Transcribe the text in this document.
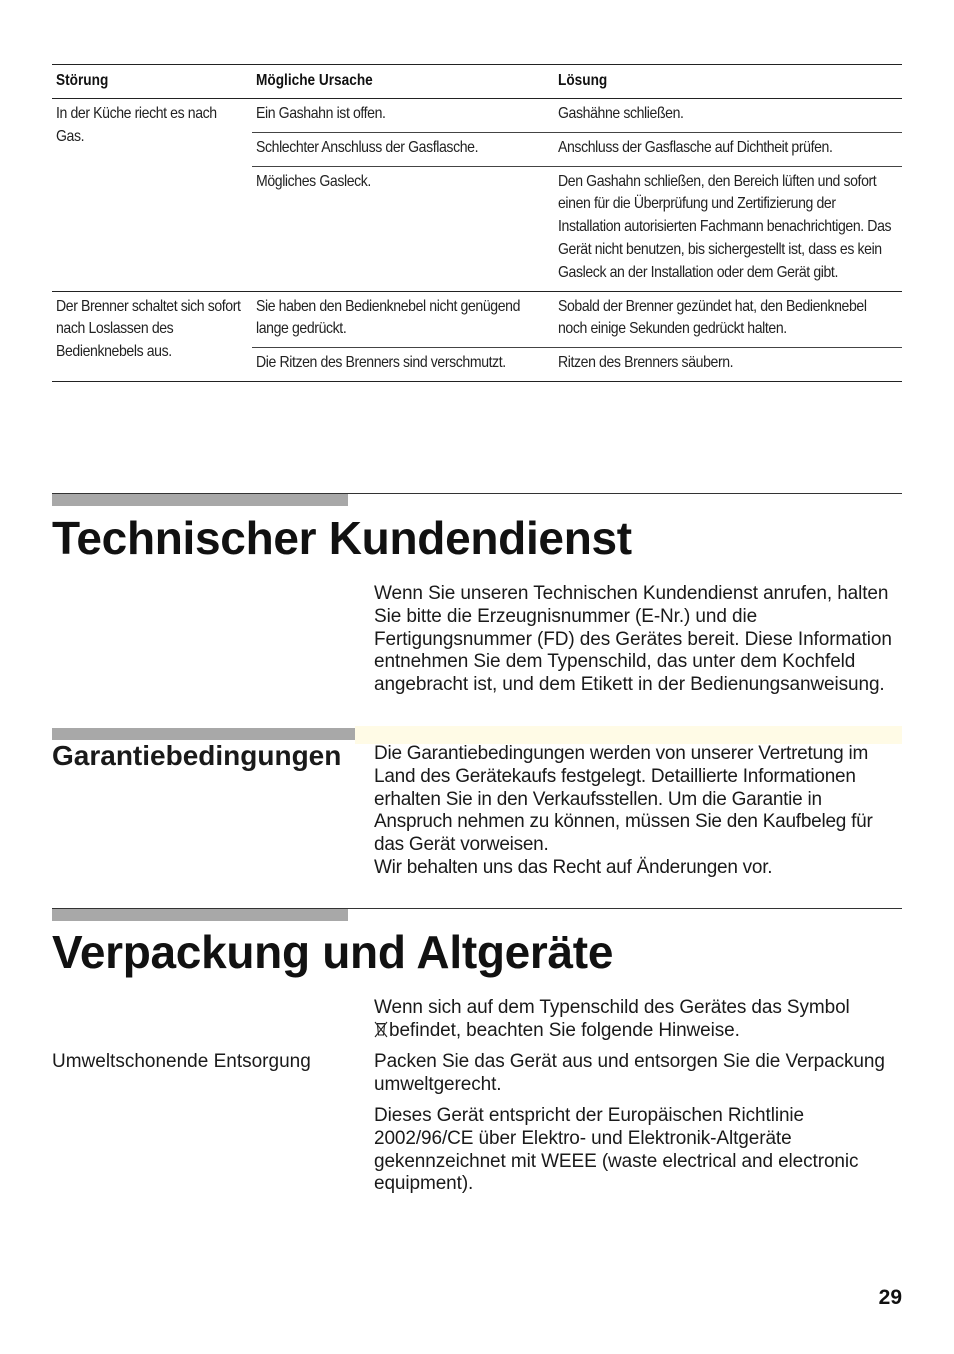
Störung	Mögliche Ursache	Lösung
In der Küche riecht es nach Gas.	Ein Gashahn ist offen.	Gashähne schließen.
	Schlechter Anschluss der Gasflasche.	Anschluss der Gasflasche auf Dichtheit prüfen.
	Mögliches Gasleck.	Den Gashahn schließen, den Bereich lüften und sofort einen für die Überprüfung und Zertifizierung der Installation autorisierten Fachmann benachrichtigen. Das Gerät nicht benutzen, bis sichergestellt ist, dass es kein Gasleck an der Installation oder dem Gerät gibt.
Der Brenner schaltet sich sofort nach Loslassen des Bedienknebels aus.	Sie haben den Bedienknebel nicht genügend lange gedrückt.	Sobald der Brenner gezündet hat, den Bedienknebel noch einige Sekunden gedrückt halten.
	Die Ritzen des Brenners sind verschmutzt.	Ritzen des Brenners säubern.
Technischer Kundendienst

Wenn Sie unseren Technischen Kundendienst anrufen, halten Sie bitte die Erzeugnisnummer (E-Nr.) und die Fertigungsnummer (FD) des Gerätes bereit. Diese Information entnehmen Sie dem Typenschild, das unter dem Kochfeld angebracht ist, und dem Etikett in der Bedienungsanweisung.

Garantiebedingungen Die Garantiebedingungen werden von unserer Vertretung im Land des Gerätekaufs festgelegt. Detaillierte Informationen erhalten Sie in den Verkaufsstellen. Um die Garantie in Anspruch nehmen zu können, müssen Sie den Kaufbeleg für das Gerät vorweisen.

Wir behalten uns das Recht auf Änderungen vor.

Verpackung und Altgeräte

Wenn sich auf dem Typenschild des Gerätes das Symbol
befindet, beachten Sie folgende Hinweise.

Umweltschonende Entsorgung	Packen Sie das Gerät aus und entsorgen Sie die Verpackung umweltgerecht.

Dieses Gerät entspricht der Europäischen Richtlinie 2002/96/CE über Elektro- und Elektronik-Altgeräte gekennzeichnet mit WEEE (waste electrical and electronic equipment).

29
